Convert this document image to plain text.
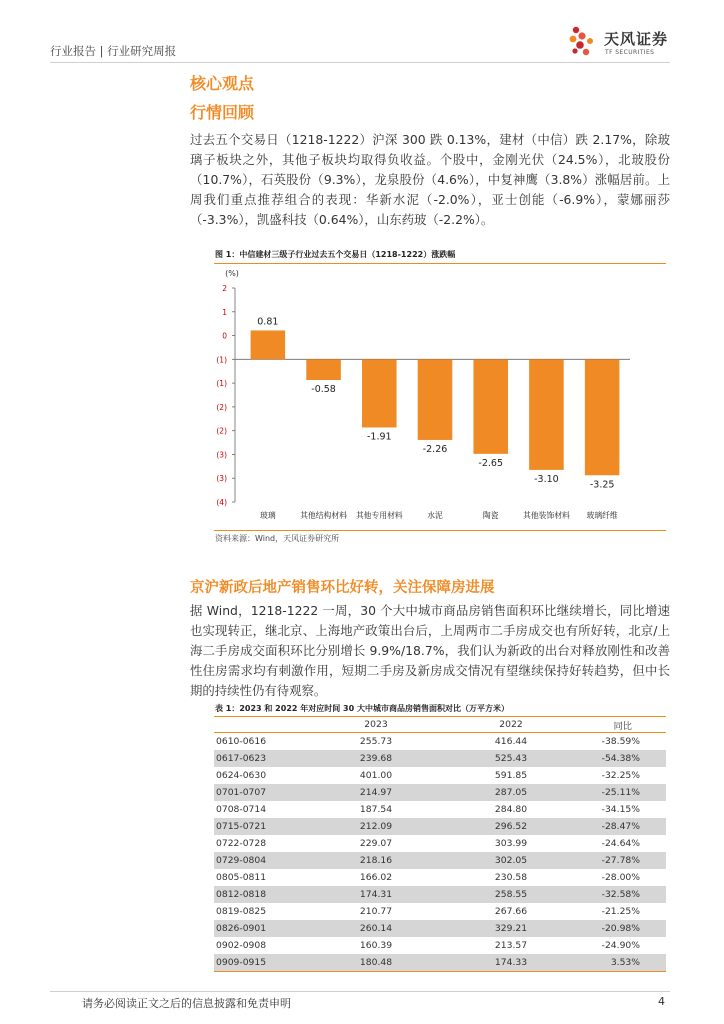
行业报告 | 行业研究周报
天风证券
TF SECURITIES
核心观点
行情回顾
过去五个交易日（1218-1222）沪深 300 跌 0.13%，建材（中信）跌 2.17%，除玻璃子板块之外，其他子板块均取得负收益。个股中，金刚光伏（24.5%），北玻股份（10.7%），石英股份（9.3%），龙泉股份（4.6%），中复神鹰（3.8%）涨幅居前。上周我们重点推荐组合的表现：华新水泥（-2.0%），亚士创能（-6.9%），蒙娜丽莎（-3.3%），凯盛科技（0.64%），山东药玻（-2.2%）。
图 1：中信建材三级子行业过去五个交易日（1218-1222）涨跌幅
(%)
2
1
0
(1)
(1)
(2)
(2)
(3)
(3)
(4)
0.81
玻璃
-0.58
其他结构材料
-1.91
其他专用材料
-2.26
水泥
-2.65
陶瓷
-3.10
其他装饰材料
-3.25
玻璃纤维
资料来源：Wind，天风证券研究所
京沪新政后地产销售环比好转，关注保障房进展
据 Wind，1218-1222 一周，30 个大中城市商品房销售面积环比继续增长，同比增速也实现转正，继北京、上海地产政策出台后，上周两市二手房成交也有所好转，北京/上海二手房成交面积环比分别增长 9.9%/18.7%，我们认为新政的出台对释放刚性和改善性住房需求均有刺激作用，短期二手房及新房成交情况有望继续保持好转趋势，但中长期的持续性仍有待观察。
表 1：2023 和 2022 年对应时间 30 大中城市商品房销售面积对比（万平方米）
	2023	2022	同比
0610-0616	255.73	416.44	-38.59%
0617-0623	239.68	525.43	-54.38%
0624-0630	401.00	591.85	-32.25%
0701-0707	214.97	287.05	-25.11%
0708-0714	187.54	284.80	-34.15%
0715-0721	212.09	296.52	-28.47%
0722-0728	229.07	303.99	-24.64%
0729-0804	218.16	302.05	-27.78%
0805-0811	166.02	230.58	-28.00%
0812-0818	174.31	258.55	-32.58%
0819-0825	210.77	267.66	-21.25%
0826-0901	260.14	329.21	-20.98%
0902-0908	160.39	213.57	-24.90%
0909-0915	180.48	174.33	3.53%
请务必阅读正文之后的信息披露和免责申明	4
